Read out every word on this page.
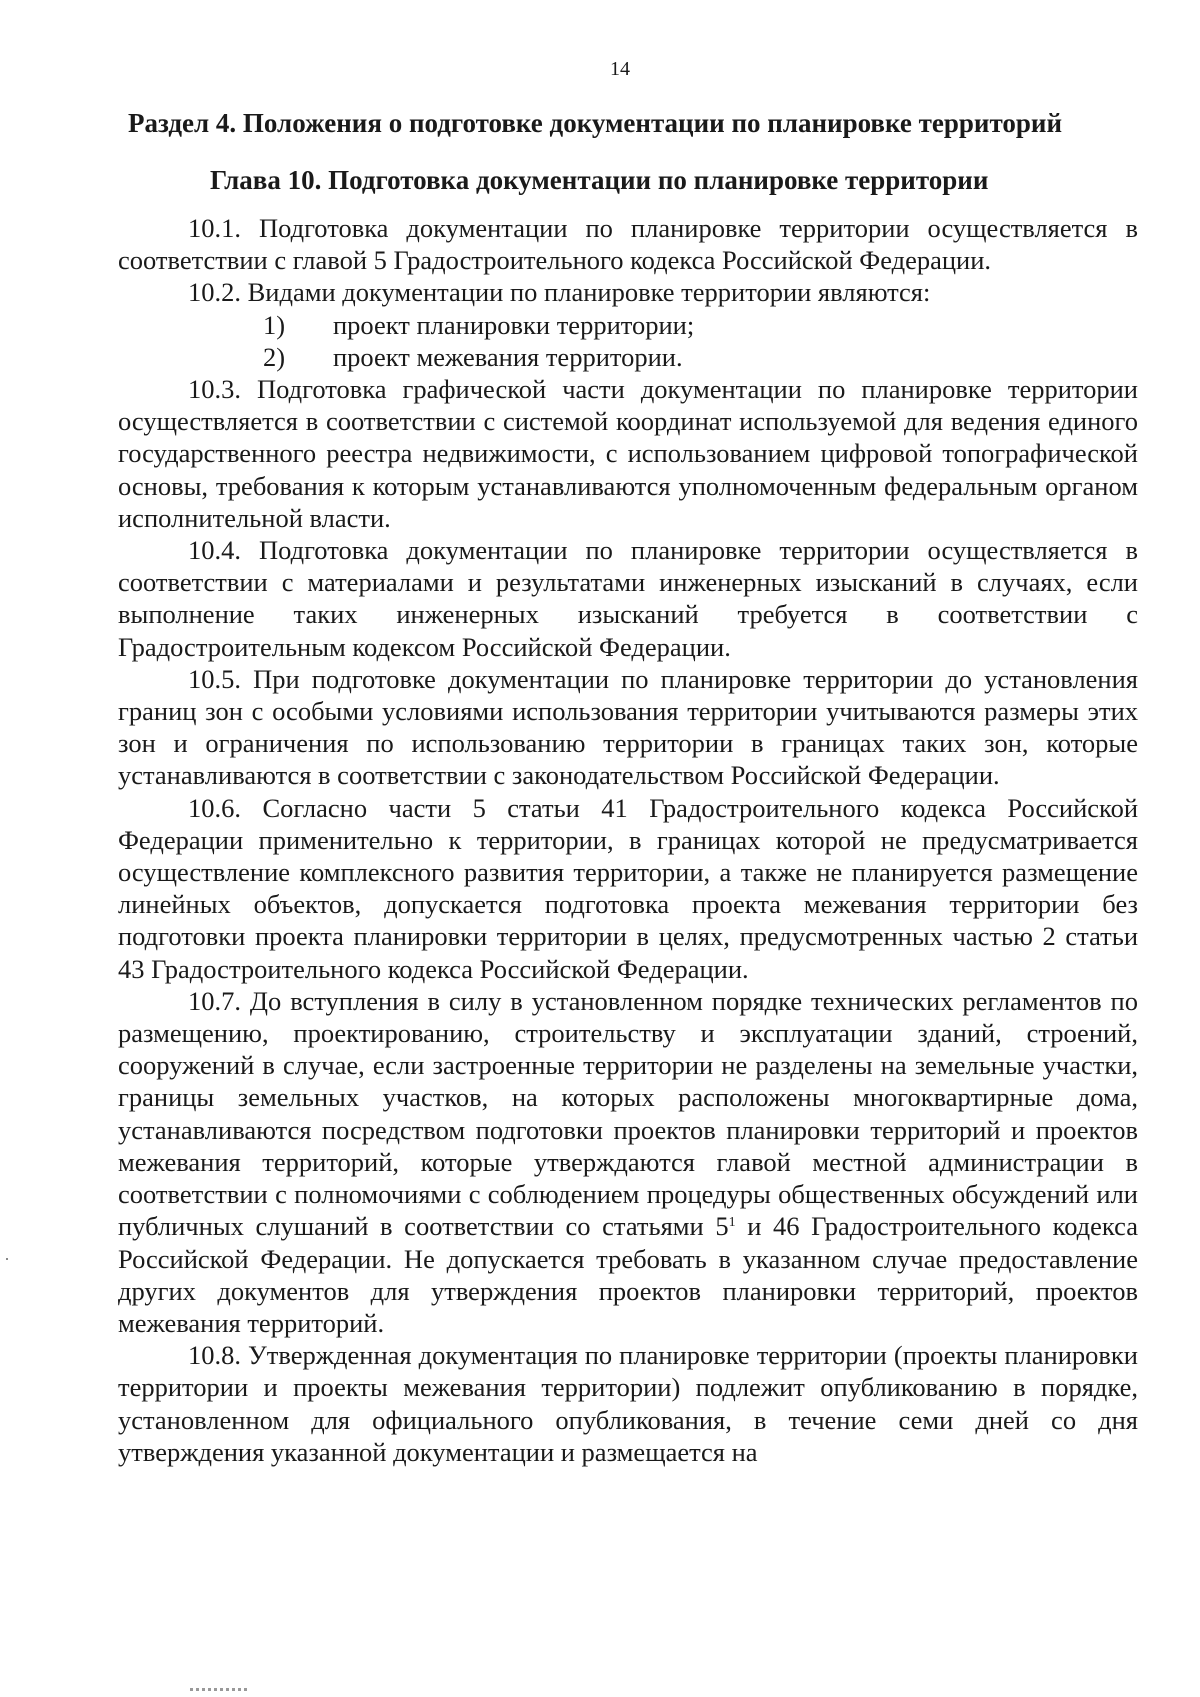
14
Раздел 4. Положения о подготовке документации по планировке территорий
Глава 10. Подготовка документации по планировке территории

10.1. Подготовка документации по планировке территории осуществляется в соответствии с главой 5 Градостроительного кодекса Российской Федерации.

10.2. Видами документации по планировке территории являются:

1) проект планировки территории;

2) проект межевания территории.

10.3. Подготовка графической части документации по планировке территории осуществляется в соответствии с системой координат используемой для ведения единого государственного реестра недвижимости, с использованием цифровой топографической основы, требования к которым устанавливаются уполномоченным федеральным органом исполнительной власти.

10.4. Подготовка документации по планировке территории осуществляется в соответствии с материалами и результатами инженерных изысканий в случаях, если выполнение таких инженерных изысканий требуется в соответствии с Градостроительным кодексом Российской Федерации.

10.5. При подготовке документации по планировке территории до установления границ зон с особыми условиями использования территории учитываются размеры этих зон и ограничения по использованию территории в границах таких зон, которые устанавливаются в соответствии с законодательством Российской Федерации.

10.6. Согласно части 5 статьи 41 Градостроительного кодекса Российской Федерации применительно к территории, в границах которой не предусматривается осуществление комплексного развития территории, а также не планируется размещение линейных объектов, допускается подготовка проекта межевания территории без подготовки проекта планировки территории в целях, предусмотренных частью 2 статьи 43 Градостроительного кодекса Российской Федерации.

10.7. До вступления в силу в установленном порядке технических регламентов по размещению, проектированию, строительству и эксплуатации зданий, строений, сооружений в случае, если застроенные территории не разделены на земельные участки, границы земельных участков, на которых расположены многоквартирные дома, устанавливаются посредством подготовки проектов планировки территорий и проектов межевания территорий, которые утверждаются главой местной администрации в соответствии с полномочиями с соблюдением процедуры общественных обсуждений или публичных слушаний в соответствии со статьями $5^1$ и 46 Градостроительного кодекса Российской Федерации. Не допускается требовать в указанном случае предоставление других документов для утверждения проектов планировки территорий, проектов межевания территорий.

10.8. Утвержденная документация по планировке территории (проекты планировки территории и проекты межевания территории) подлежит опубликованию в порядке, установленном для официального опубликования, в течение семи дней со дня утверждения указанной документации и размещается на
